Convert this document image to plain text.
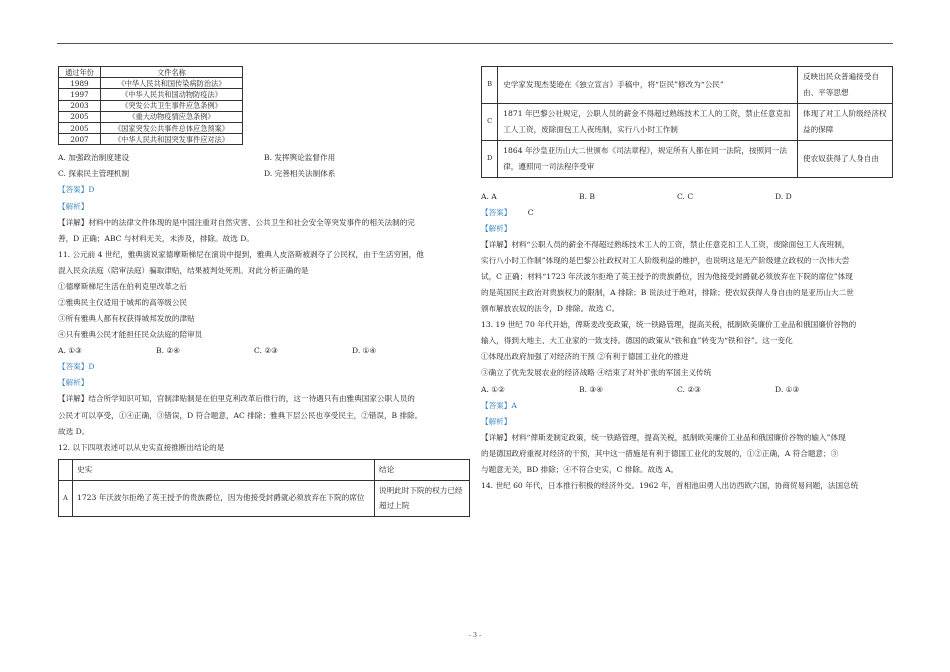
通过年份	文件名称
1989	《中华人民共和国传染病防治法》
1997	《中华人民共和国动物防疫法》
2003	《突发公共卫生事件应急条例》
2005	《重大动物疫情应急条例》
2005	《国家突发公共事件总体应急预案》
2007	《中华人民共和国突发事件应对法》
A. 加强政治制度建设	B. 发挥舆论监督作用
C. 探索民主管理机制	D. 完善相关法制体系

【答案】D

【解析】

【详解】材料中的法律文件体现的是中国注重对自然灾害、公共卫生和社会安全等突发事件的相关法制的完

善，D 正确；ABC 与材料无关，未涉及，排除。故选 D。

11. 公元前 4 世纪，雅典演说家德摩斯梯尼在演说中提到，雅典人皮洛斯被剥夺了公民权，由于生活穷困，他

混入民众法庭（陪审法庭）骗取津贴，结果被判处死刑。对此分析正确的是

①德摩斯梯尼生活在伯利克里改革之后

②雅典民主仅适用于城邦的高等级公民

③所有雅典人都有权获得城邦发放的津贴

④只有雅典公民才能担任民众法庭的陪审员

A. ①③	B. ②④	C. ②③	D. ①④

【答案】D

【解析】

【详解】结合所学知识可知，官制津贴制是在伯里克利改革后推行的，这一待遇只有由雅典国家公职人员的

公民才可以享受，①④正确，③错误，D 符合题意，AC 排除；雅典下层公民也享受民主，②错误，B 排除。

故选 D。

12. 以下四项表述可以从史实直接推断出结论的是

	史实	结论
A	1723 年沃波尔拒绝了英王授予的贵族爵位，因为他接受封爵就必须放弃在下院的席位	说明此时下院的权力已经超过上院
B	史学家发现杰斐逊在《独立宣言》手稿中，将“臣民”修改为“公民”	反映出民众普遍接受自由、平等思想
C	1871 年巴黎公社规定，公职人员的薪金不得超过熟练技术工人的工资，禁止任意克扣工人工资，废除面包工人夜班制，实行八小时工作制	体现了对工人阶级经济权益的保障
D	1864 年沙皇亚历山大二世颁布《司法章程》，规定所有人都在同一法院，按照同一法律，遵照同一司法程序受审	使农奴获得了人身自由
A. A	B. B	C. C	D. D

【答案】 C

【解析】

【详解】材料“公职人员的薪金不得超过熟练技术工人的工资，禁止任意克扣工人工资，废除面包工人夜班制，

实行八小时工作制”体现的是巴黎公社政权对工人阶级利益的维护，也说明这是无产阶级建立政权的一次伟大尝

试，C 正确；材料“1723 年沃波尔拒绝了英王授予的贵族爵位，因为他接受封爵就必须放弃在下院的席位”体现

的是英国民主政治对贵族权力的限制，A 排除；B 说法过于绝对，排除；使农奴获得人身自由的是亚历山大二世

颁布解放农奴的法令，D 排除。故选 C。

13. 19 世纪 70 年代开始，俾斯麦改变政策，统一铁路管理，提高关税，抵制欧美廉价工业品和俄国廉价谷物的

输入，得到大地主、大工业家的一致支持。德国的政策从“铁和血”转变为“铁和谷”。这一变化

①体现出政府加强了对经济的干预 ②有利于德国工业化的推进

③确立了优先发展农业的经济战略 ④结束了对外扩张的军国主义传统

A. ①②	B. ③④	C. ②③	D. ①③

【答案】A

【解析】

【详解】材料“俾斯麦制定政策，统一铁路管理，提高关税，抵制欧美廉价工业品和俄国廉价谷物的输入”体现

的是德国政府重视对经济的干预，其中这一措施是有利于德国工业化的发展的，①②正确，A 符合题意；③

与题意无关，BD 排除；④不符合史实，C 排除。故选 A。

14. 世纪 60 年代，日本推行积极的经济外交。1962 年，首相池田勇人出访西欧六国，协商贸易问题，法国总统

- 3 -
